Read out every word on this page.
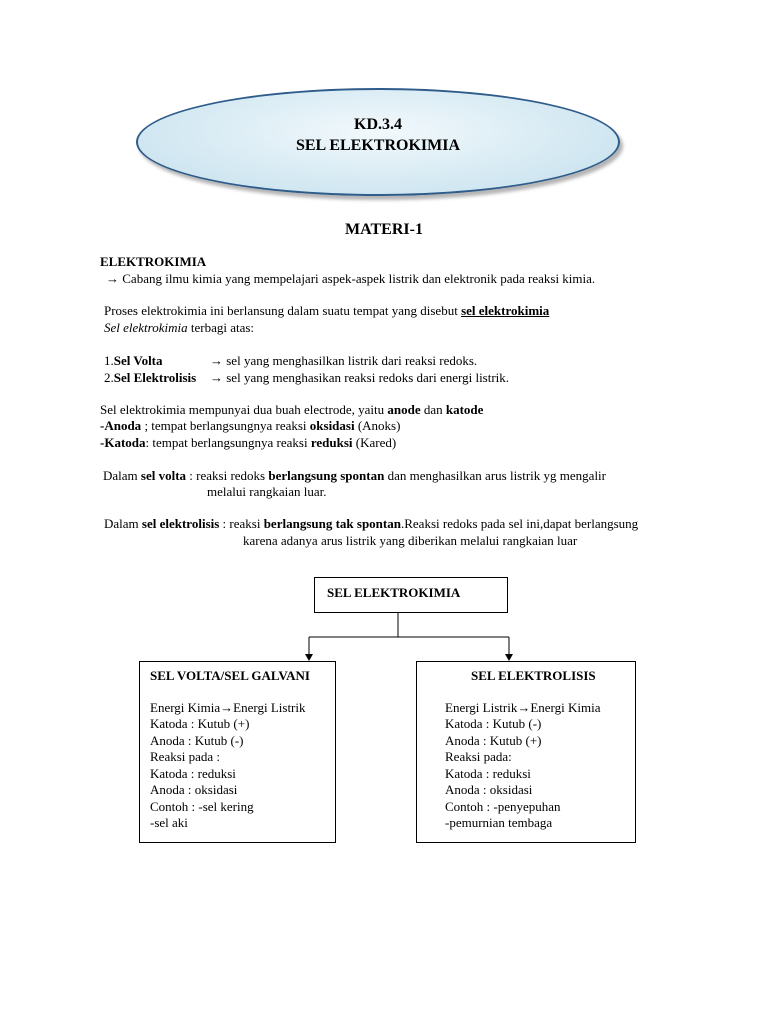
KD.3.4
SEL ELEKTROKIMIA
MATERI-1
ELEKTROKIMIA
→ Cabang ilmu kimia yang mempelajari aspek-aspek listrik dan elektronik pada reaksi kimia.
Proses elektrokimia ini berlansung dalam suatu tempat yang disebut sel elektrokimia
Sel elektrokimia terbagi atas:
1.Sel Volta	→ sel yang menghasilkan listrik dari reaksi redoks.
2.Sel Elektrolisis → sel yang menghasikan reaksi redoks dari energi listrik.
Sel elektrokimia mempunyai dua buah electrode, yaitu anode dan katode
-Anoda ; tempat berlangsungnya reaksi oksidasi (Anoks)
-Katoda: tempat berlangsungnya reaksi reduksi (Kared)
Dalam sel volta : reaksi redoks berlangsung spontan dan menghasilkan arus listrik yg mengalir
melalui rangkaian luar.
Dalam sel elektrolisis : reaksi berlangsung tak spontan.Reaksi redoks pada sel ini,dapat berlangsung
karena adanya arus listrik yang diberikan melalui rangkaian luar
SEL ELEKTROKIMIA
SEL VOLTA/SEL GALVANI
Energi Kimia→Energi Listrik
Katoda : Kutub (+)
Anoda : Kutub (-)
Reaksi pada :
Katoda : reduksi
Anoda : oksidasi
Contoh : -sel kering
-sel aki
SEL ELEKTROLISIS
Energi Listrik→Energi Kimia
Katoda : Kutub (-)
Anoda : Kutub (+)
Reaksi pada:
Katoda : reduksi
Anoda : oksidasi
Contoh : -penyepuhan
-pemurnian tembaga
